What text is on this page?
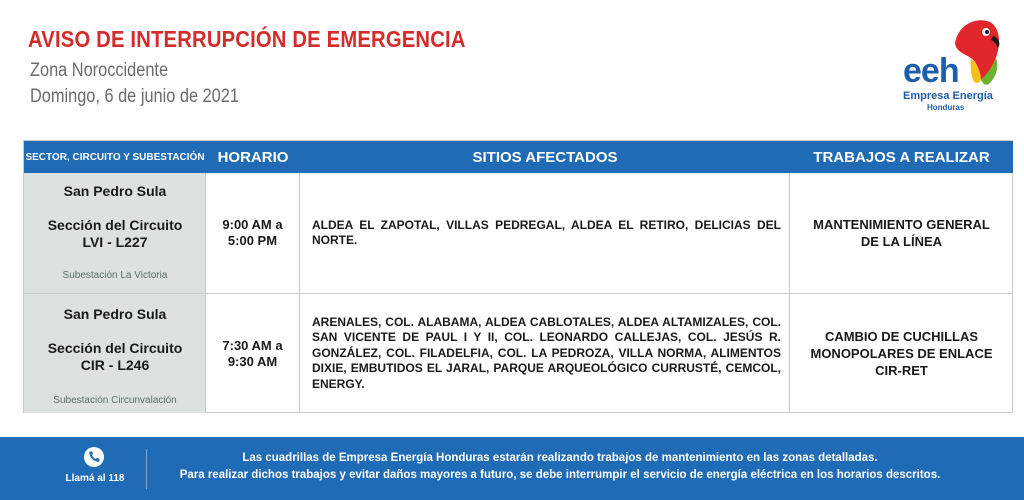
AVISO DE INTERRUPCIÓN DE EMERGENCIA
Zona Noroccidente
Domingo, 6 de junio de 2021
eeh
Empresa Energía
Honduras
SECTOR, CIRCUITO Y SUBESTACIÓN HORARIO	SITIOS AFECTADOS	TRABAJOS A REALIZAR
San Pedro Sula
Sección del Circuito
LVI - L227
Subestación La Victoria
9:00 AM a
5:00 PM
ALDEA EL ZAPOTAL, VILLAS PEDREGAL, ALDEA EL RETIRO, DELICIAS DEL NORTE.
MANTENIMIENTO GENERAL DE LA LÍNEA
San Pedro Sula
Sección del Circuito
CIR - L246
Subestación Circunvalación
7:30 AM a
9:30 AM
ARENALES, COL. ALABAMA, ALDEA CABLOTALES, ALDEA ALTAMIZALES, COL. SAN VICENTE DE PAUL I Y II, COL. LEONARDO CALLEJAS, COL. JESÚS R. GONZÁLEZ, COL. FILADELFIA, COL. LA PEDROZA, VILLA NORMA, ALIMENTOS DIXIE, EMBUTIDOS EL JARAL, PARQUE ARQUEOLÓGICO CURRUSTÉ, CEMCOL, ENERGY.
CAMBIO DE CUCHILLAS MONOPOLARES DE ENLACE CIR-RET
Llamá al 118
Las cuadrillas de Empresa Energía Honduras estarán realizando trabajos de mantenimiento en las zonas detalladas.
Para realizar dichos trabajos y evitar daños mayores a futuro, se debe interrumpir el servicio de energía eléctrica en los horarios descritos.
